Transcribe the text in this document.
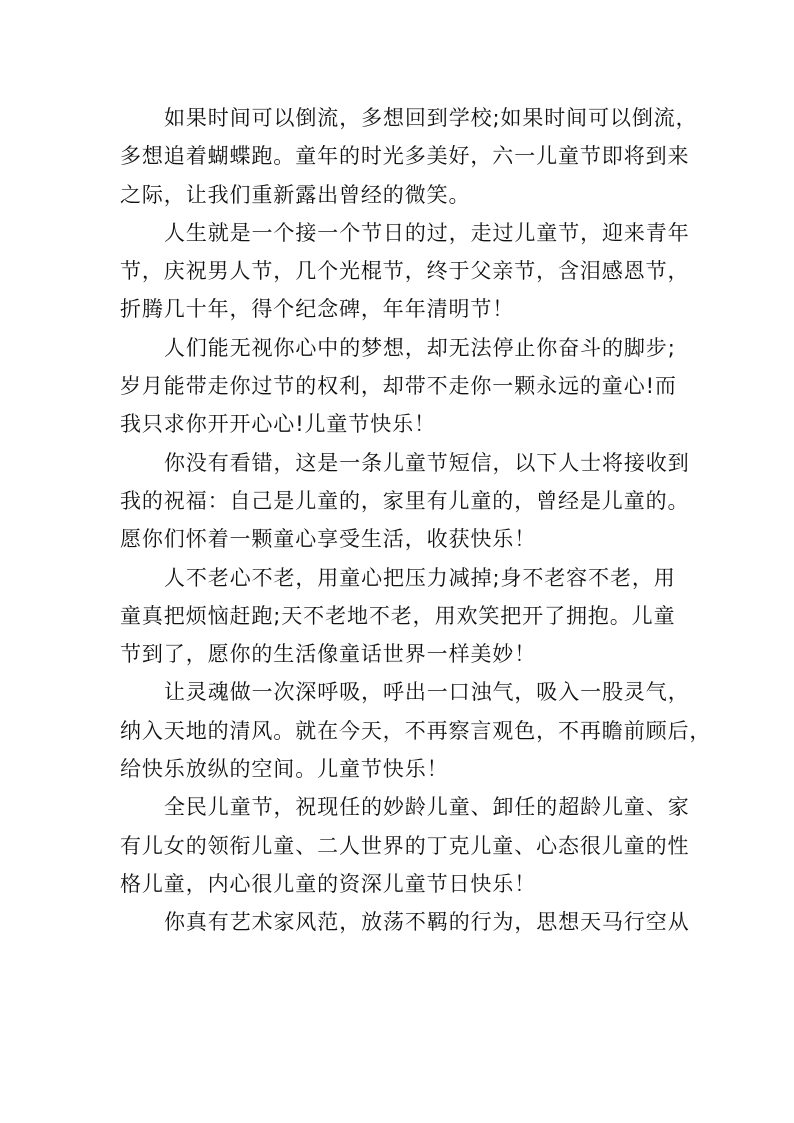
如果时间可以倒流，多想回到学校;如果时间可以倒流，
多想追着蝴蝶跑。童年的时光多美好，六一儿童节即将到来
之际，让我们重新露出曾经的微笑。
人生就是一个接一个节日的过，走过儿童节，迎来青年
节，庆祝男人节，几个光棍节，终于父亲节，含泪感恩节，
折腾几十年，得个纪念碑，年年清明节！
人们能无视你心中的梦想，却无法停止你奋斗的脚步;
岁月能带走你过节的权利，却带不走你一颗永远的童心!而
我只求你开开心心!儿童节快乐！
你没有看错，这是一条儿童节短信，以下人士将接收到
我的祝福：自己是儿童的，家里有儿童的，曾经是儿童的。
愿你们怀着一颗童心享受生活，收获快乐！
人不老心不老，用童心把压力减掉;身不老容不老，用
童真把烦恼赶跑;天不老地不老，用欢笑把开了拥抱。儿童
节到了，愿你的生活像童话世界一样美妙！
让灵魂做一次深呼吸，呼出一口浊气，吸入一股灵气，
纳入天地的清风。就在今天，不再察言观色，不再瞻前顾后，
给快乐放纵的空间。儿童节快乐！
全民儿童节，祝现任的妙龄儿童、卸任的超龄儿童、家
有儿女的领衔儿童、二人世界的丁克儿童、心态很儿童的性
格儿童，内心很儿童的资深儿童节日快乐！
你真有艺术家风范，放荡不羁的行为，思想天马行空从
